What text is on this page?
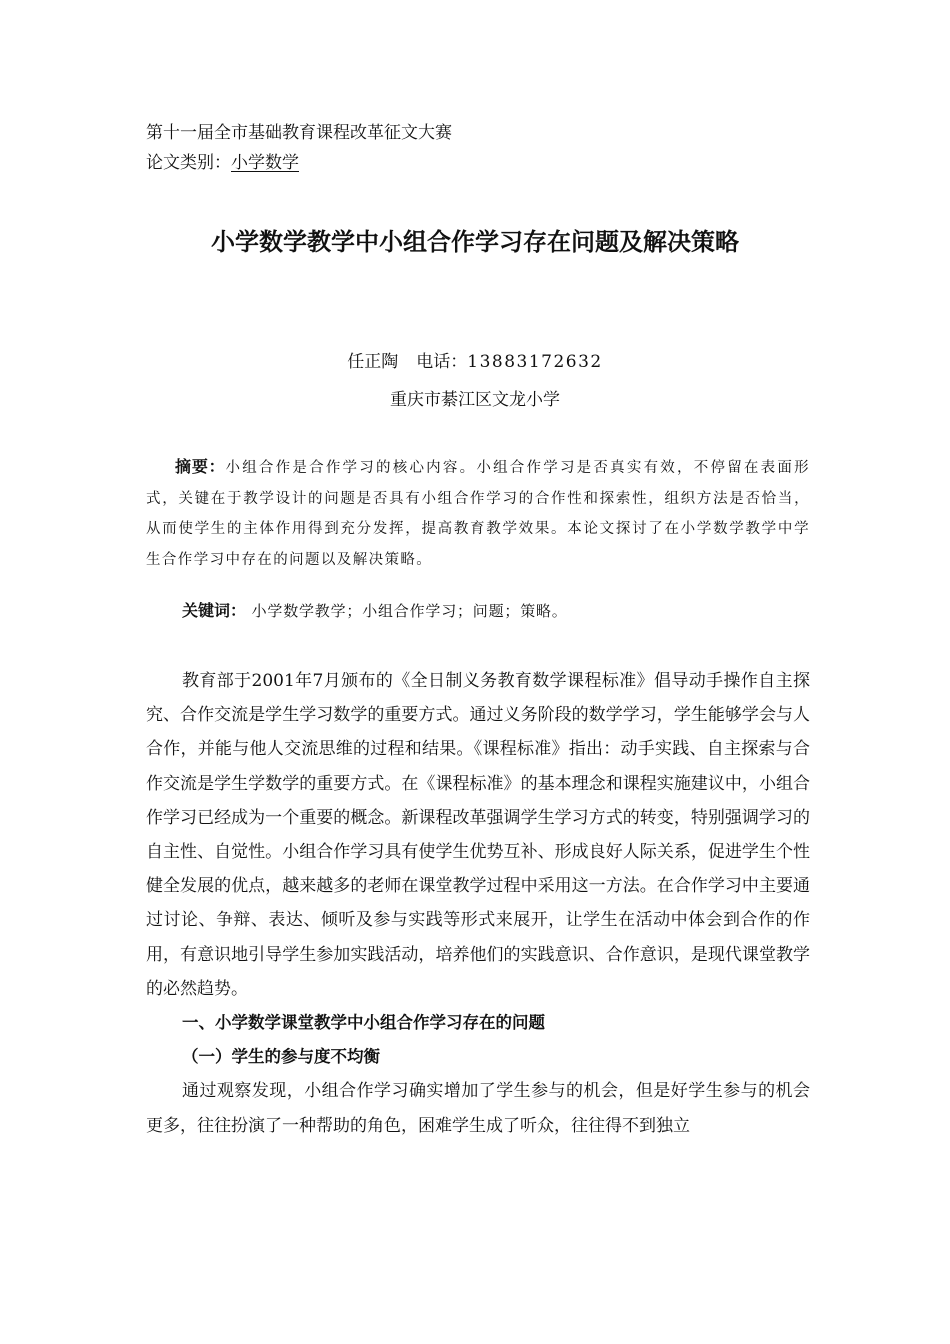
第十一届全市基础教育课程改革征文大赛
论文类别：小学数学
小学数学教学中小组合作学习存在问题及解决策略
任正陶 电话：13883172632
重庆市綦江区文龙小学
摘要：小组合作是合作学习的核心内容。小组合作学习是否真实有效，不停留在表面形式，关键在于教学设计的问题是否具有小组合作学习的合作性和探索性，组织方法是否恰当，从而使学生的主体作用得到充分发挥，提高教育教学效果。本论文探讨了在小学数学教学中学生合作学习中存在的问题以及解决策略。
关键词： 小学数学教学；小组合作学习；问题；策略。

教育部于2001年7月颁布的《全日制义务教育数学课程标准》倡导动手操作自主探究、合作交流是学生学习数学的重要方式。通过义务阶段的数学学习，学生能够学会与人合作，并能与他人交流思维的过程和结果。《课程标准》指出：动手实践、自主探索与合作交流是学生学数学的重要方式。在《课程标准》的基本理念和课程实施建议中，小组合作学习已经成为一个重要的概念。新课程改革强调学生学习方式的转变，特别强调学习的自主性、自觉性。小组合作学习具有使学生优势互补、形成良好人际关系，促进学生个性健全发展的优点，越来越多的老师在课堂教学过程中采用这一方法。在合作学习中主要通过讨论、争辩、表达、倾听及参与实践等形式来展开，让学生在活动中体会到合作的作用，有意识地引导学生参加实践活动，培养他们的实践意识、合作意识，是现代课堂教学的必然趋势。

一、小学数学课堂教学中小组合作学习存在的问题

（一）学生的参与度不均衡

通过观察发现，小组合作学习确实增加了学生参与的机会，但是好学生参与的机会更多，往往扮演了一种帮助的角色，困难学生成了听众，往往得不到独立
